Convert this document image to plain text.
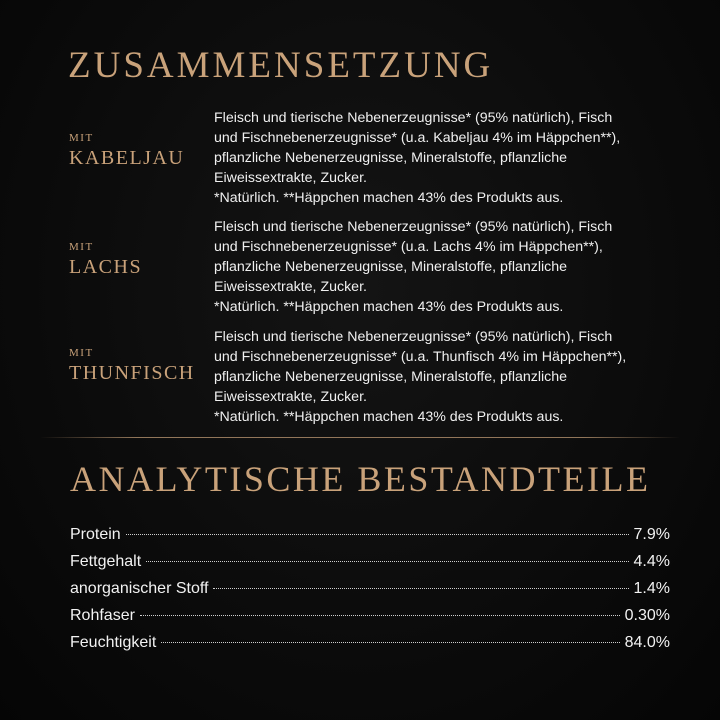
ZUSAMMENSETZUNG
MIT
KABELJAU
Fleisch und tierische Nebenerzeugnisse* (95% natürlich), Fisch
und Fischnebenerzeugnisse* (u.a. Kabeljau 4% im Häppchen**),
pflanzliche Nebenerzeugnisse, Mineralstoffe, pflanzliche
Eiweissextrakte, Zucker.
*Natürlich. **Häppchen machen 43% des Produkts aus.
MIT
LACHS
Fleisch und tierische Nebenerzeugnisse* (95% natürlich), Fisch
und Fischnebenerzeugnisse* (u.a. Lachs 4% im Häppchen**),
pflanzliche Nebenerzeugnisse, Mineralstoffe, pflanzliche
Eiweissextrakte, Zucker.
*Natürlich. **Häppchen machen 43% des Produkts aus.
MIT
THUNFISCH
Fleisch und tierische Nebenerzeugnisse* (95% natürlich), Fisch
und Fischnebenerzeugnisse* (u.a. Thunfisch 4% im Häppchen**),
pflanzliche Nebenerzeugnisse, Mineralstoffe, pflanzliche
Eiweissextrakte, Zucker.
*Natürlich. **Häppchen machen 43% des Produkts aus.
ANALYTISCHE BESTANDTEILE
Protein	7.9%
Fettgehalt	4.4%
anorganischer Stoff	1.4%
Rohfaser	0.30%
Feuchtigkeit	84.0%
